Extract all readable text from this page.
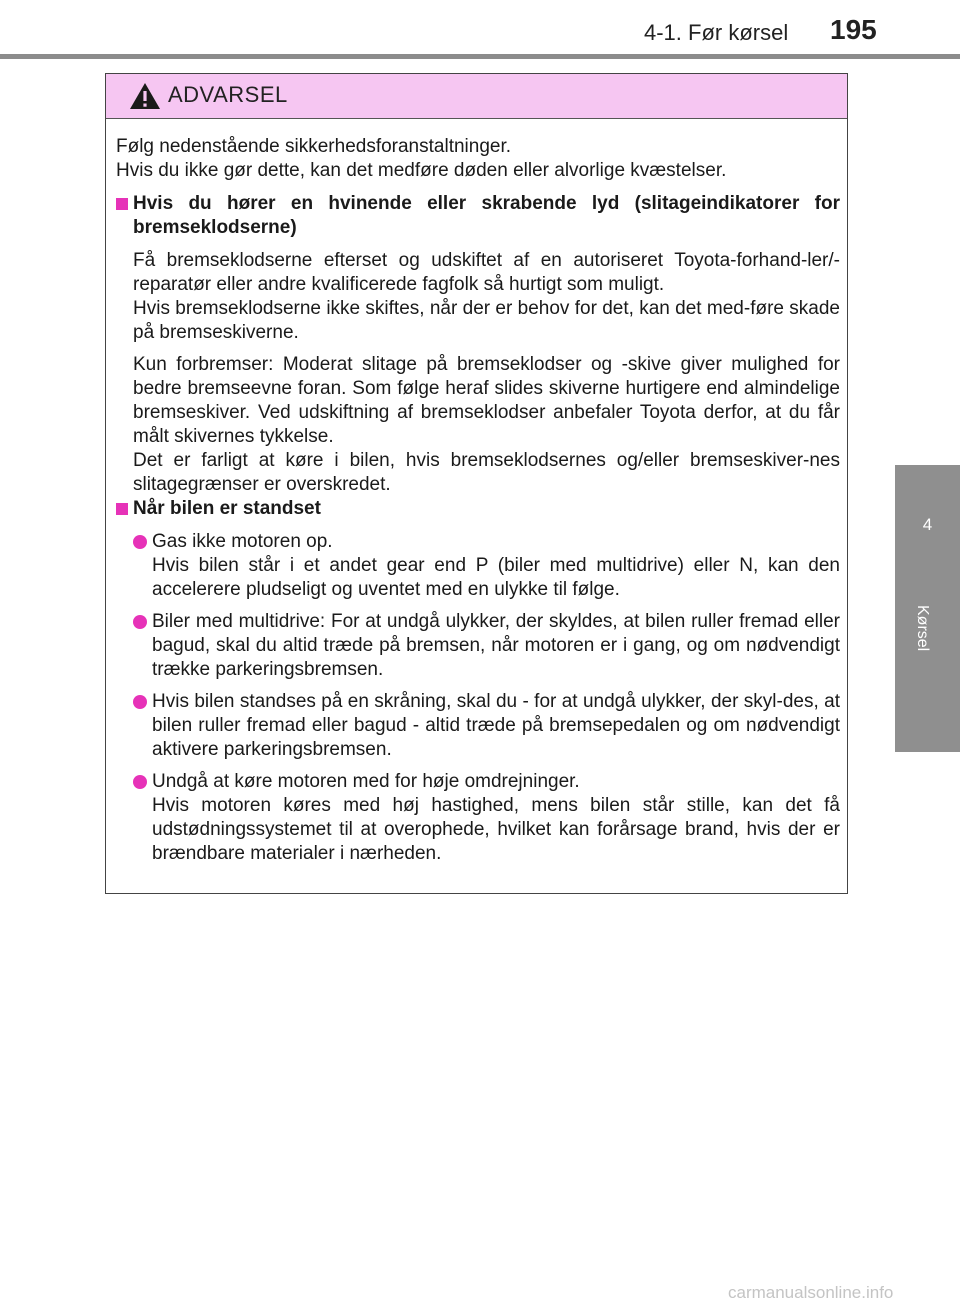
4-1. Før kørsel 195
4
Kørsel
ADVARSEL

Følg nedenstående sikkerhedsforanstaltninger.

Hvis du ikke gør dette, kan det medføre døden eller alvorlige kvæstelser.

Hvis du hører en hvinende eller skrabende lyd (slitageindikatorer for bremseklodserne)

Få bremseklodserne efterset og udskiftet af en autoriseret Toyota-forhand-ler/-reparatør eller andre kvalificerede fagfolk så hurtigt som muligt.

Hvis bremseklodserne ikke skiftes, når der er behov for det, kan det med-føre skade på bremseskiverne.

Kun forbremser: Moderat slitage på bremseklodser og -skive giver mulighed for bedre bremseevne foran. Som følge heraf slides skiverne hurtigere end almindelige bremseskiver. Ved udskiftning af bremseklodser anbefaler Toyota derfor, at du får målt skivernes tykkelse.

Det er farligt at køre i bilen, hvis bremseklodsernes og/eller bremseskiver-nes slitagegrænser er overskredet.

Når bilen er standset

Gas ikke motoren op.

Hvis bilen står i et andet gear end P (biler med multidrive) eller N, kan den accelerere pludseligt og uventet med en ulykke til følge.

Biler med multidrive: For at undgå ulykker, der skyldes, at bilen ruller fremad eller bagud, skal du altid træde på bremsen, når motoren er i gang, og om nødvendigt trække parkeringsbremsen.

Hvis bilen standses på en skråning, skal du - for at undgå ulykker, der skyl-des, at bilen ruller fremad eller bagud - altid træde på bremsepedalen og om nødvendigt aktivere parkeringsbremsen.

Undgå at køre motoren med for høje omdrejninger.

Hvis motoren køres med høj hastighed, mens bilen står stille, kan det få udstødningssystemet til at overophede, hvilket kan forårsage brand, hvis der er brændbare materialer i nærheden.

carmanualsonline.info
